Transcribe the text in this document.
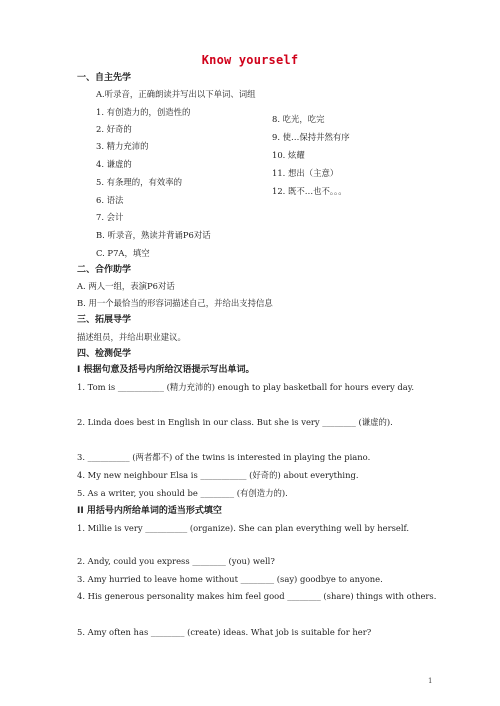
Know yourself
一、自主先学
A.听录音，正确朗读并写出以下单词、词组
1. 有创造力的，创造性的
2. 好奇的
3. 精力充沛的
4. 谦虚的
5. 有条理的，有效率的
6. 语法
7. 会计
8. 吃光，吃完
9. 使…保持井然有序
10. 炫耀
11. 想出（主意）
12. 既不…也不。。。
B. 听录音，熟读并背诵P6对话
C. P7A，填空
二、合作助学
A. 两人一组，表演P6对话
B. 用一个最恰当的形容词描述自己，并给出支持信息
三、拓展导学
描述组员，并给出职业建议。
四、检测促学
I 根据句意及括号内所给汉语提示写出单词。
1. Tom is ___________ (精力充沛的) enough to play basketball for hours every day.
2. Linda does best in English in our class. But she is very ________ (谦虚的).
3. __________ (两者都不) of the twins is interested in playing the piano.
4. My new neighbour Elsa is ___________ (好奇的) about everything.
5. As a writer, you should be ________ (有创造力的).
II 用括号内所给单词的适当形式填空
1. Millie is very __________ (organize). She can plan everything well by herself.
2. Andy, could you express ________ (you) well?
3. Amy hurried to leave home without ________ (say) goodbye to anyone.
4. His generous personality makes him feel good ________ (share) things with others.
5. Amy often has ________ (create) ideas. What job is suitable for her?
1
